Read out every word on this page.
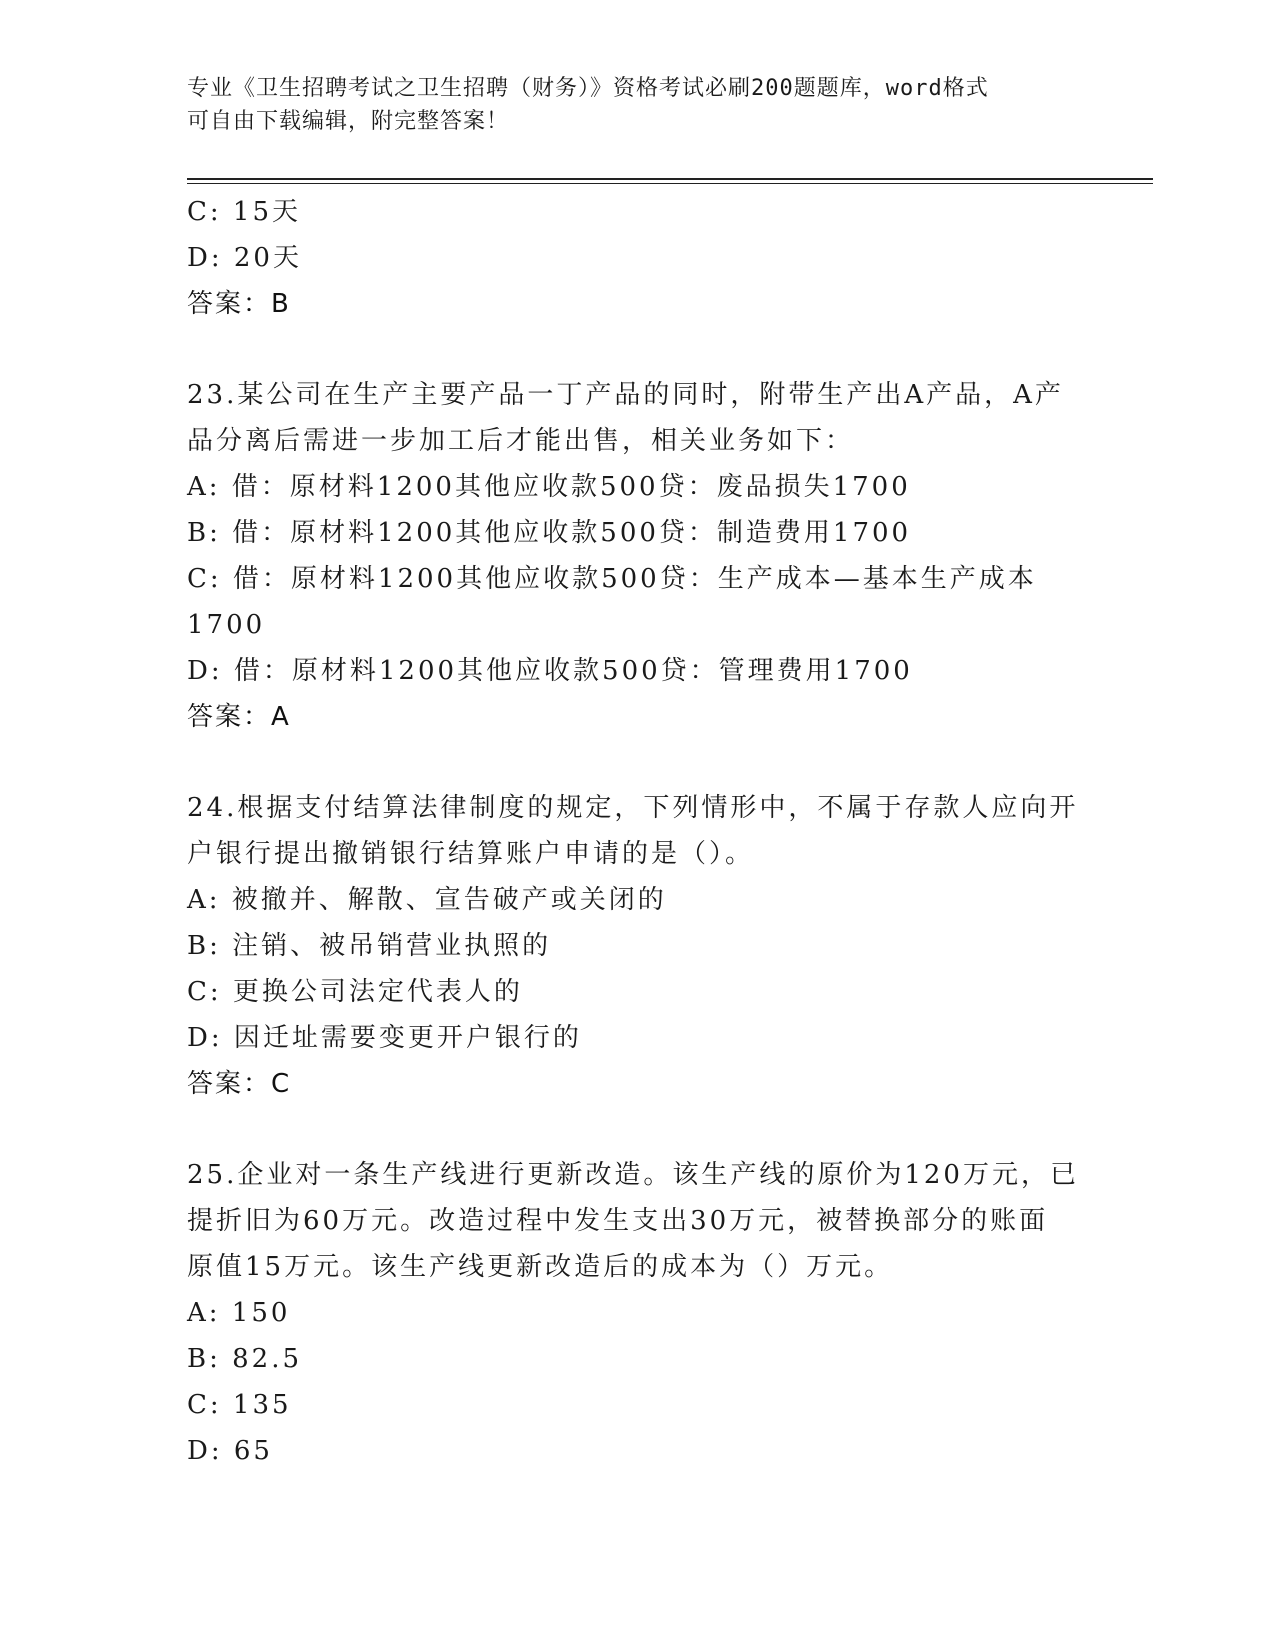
专业《卫生招聘考试之卫生招聘（财务）》资格考试必刷200题题库，word格式
可自由下载编辑，附完整答案！
C: 15天
D: 20天
答案：B
23.某公司在生产主要产品一丁产品的同时，附带生产出A产品，A产
品分离后需进一步加工后才能出售，相关业务如下：
A: 借：原材料1200其他应收款500贷：废品损失1700
B: 借：原材料1200其他应收款500贷：制造费用1700
C: 借：原材料1200其他应收款500贷：生产成本—基本生产成本
1700
D: 借：原材料1200其他应收款500贷：管理费用1700
答案：A
24.根据支付结算法律制度的规定，下列情形中，不属于存款人应向开
户银行提出撤销银行结算账户申请的是（）。
A: 被撤并、解散、宣告破产或关闭的
B: 注销、被吊销营业执照的
C: 更换公司法定代表人的
D: 因迁址需要变更开户银行的
答案：C
25.企业对一条生产线进行更新改造。该生产线的原价为120万元，已
提折旧为60万元。改造过程中发生支出30万元，被替换部分的账面
原值15万元。该生产线更新改造后的成本为（）万元。
A: 150
B: 82.5
C: 135
D: 65
